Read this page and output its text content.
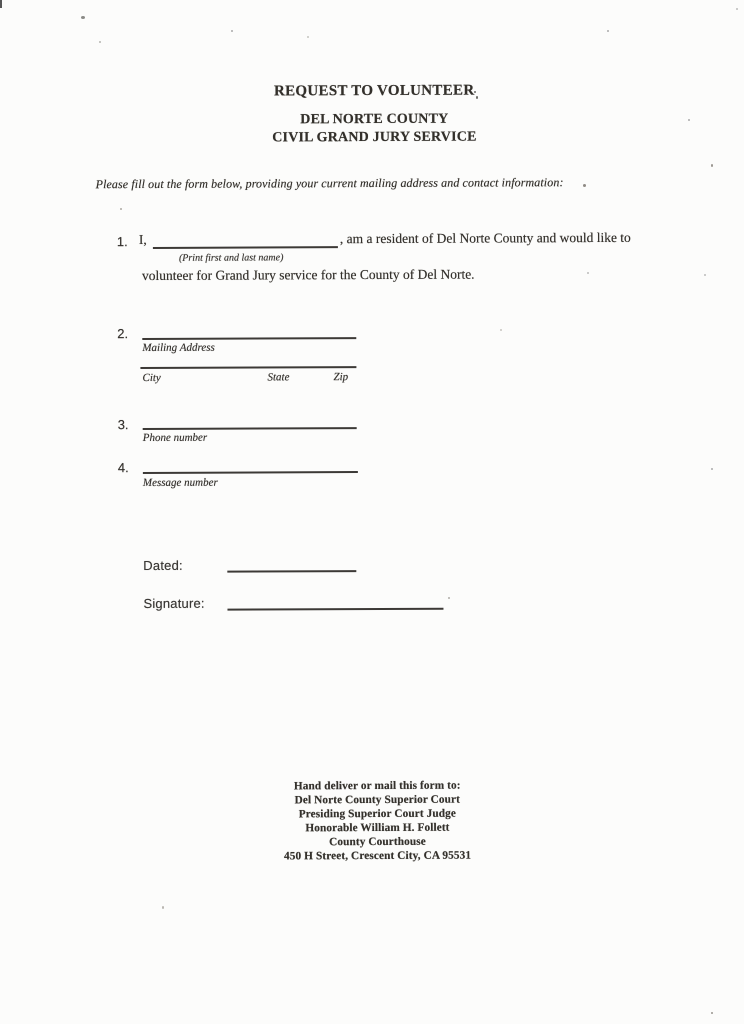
REQUEST TO VOLUNTEER
DEL NORTE COUNTY
CIVIL GRAND JURY SERVICE
Please fill out the form below, providing your current mailing address and contact information:
1. I,	, am a resident of Del Norte County and would like to
(Print first and last name)
volunteer for Grand Jury service for the County of Del Norte.
2.
Mailing Address
City	State	Zip
3.
Phone number
4.
Message number
Dated:
Signature:
Hand deliver or mail this form to:
Del Norte County Superior Court
Presiding Superior Court Judge
Honorable William H. Follett
County Courthouse
450 H Street, Crescent City, CA 95531
